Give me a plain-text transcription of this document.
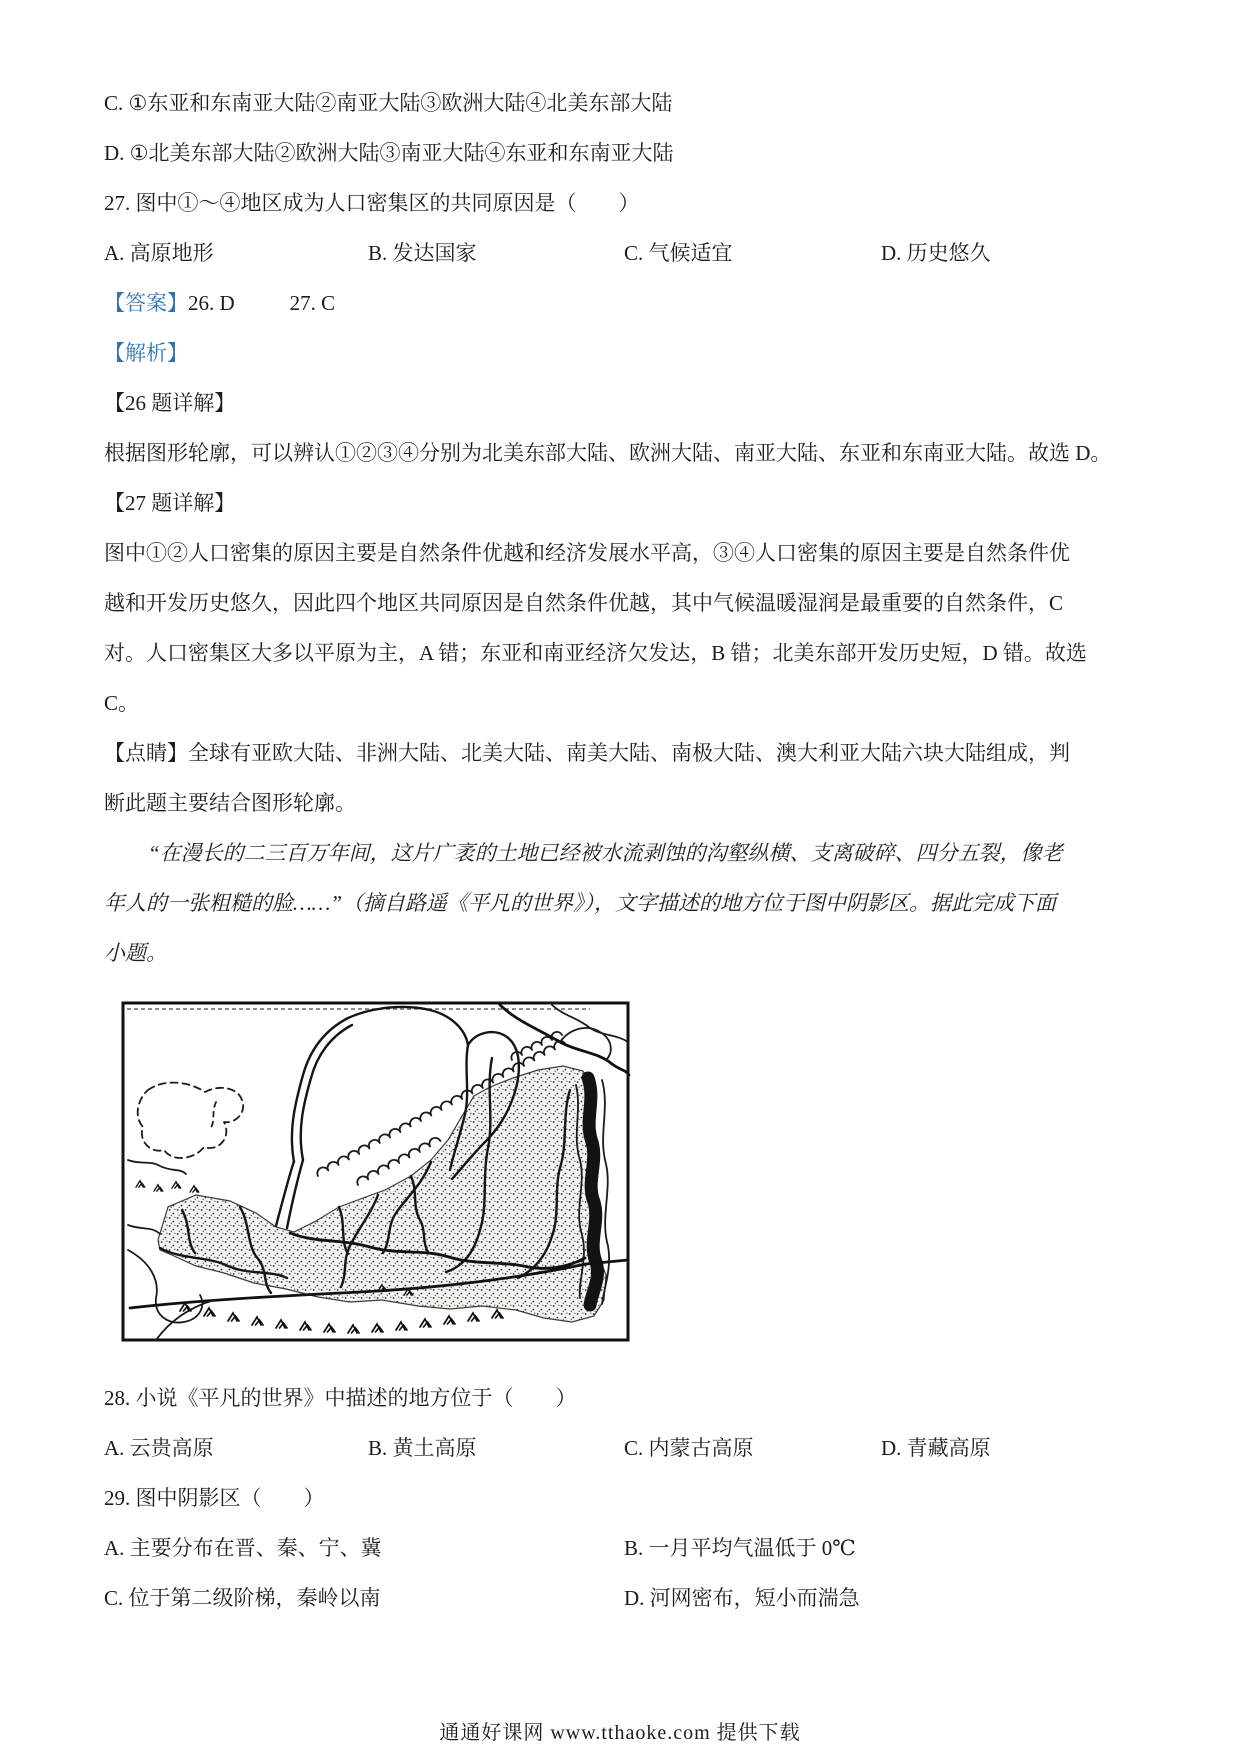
C. ①东亚和东南亚大陆②南亚大陆③欧洲大陆④北美东部大陆
D. ①北美东部大陆②欧洲大陆③南亚大陆④东亚和东南亚大陆
27. 图中①～④地区成为人口密集区的共同原因是（　　）
A. 高原地形	B. 发达国家	C. 气候适宜	D. 历史悠久
【答案】26. D	27. C
【解析】
【26 题详解】
根据图形轮廓，可以辨认①②③④分别为北美东部大陆、欧洲大陆、南亚大陆、东亚和东南亚大陆。故选 D。
【27 题详解】
图中①②人口密集的原因主要是自然条件优越和经济发展水平高，③④人口密集的原因主要是自然条件优
越和开发历史悠久，因此四个地区共同原因是自然条件优越，其中气候温暖湿润是最重要的自然条件，C
对。人口密集区大多以平原为主，A 错；东亚和南亚经济欠发达，B 错；北美东部开发历史短，D 错。故选
C。
【点睛】全球有亚欧大陆、非洲大陆、北美大陆、南美大陆、南极大陆、澳大利亚大陆六块大陆组成，判
断此题主要结合图形轮廓。
“在漫长的二三百万年间，这片广袤的土地已经被水流剥蚀的沟壑纵横、支离破碎、四分五裂，像老
年人的一张粗糙的脸……”（摘自路遥《平凡的世界》），文字描述的地方位于图中阴影区。据此完成下面
小题。
28. 小说《平凡的世界》中描述的地方位于（　　）
A. 云贵高原	B. 黄土高原	C. 内蒙古高原	D. 青藏高原
29. 图中阴影区（　　）
A. 主要分布在晋、秦、宁、冀	B. 一月平均气温低于 0℃
C. 位于第二级阶梯，秦岭以南	D. 河网密布，短小而湍急
通通好课网 www.tthaoke.com 提供下载
